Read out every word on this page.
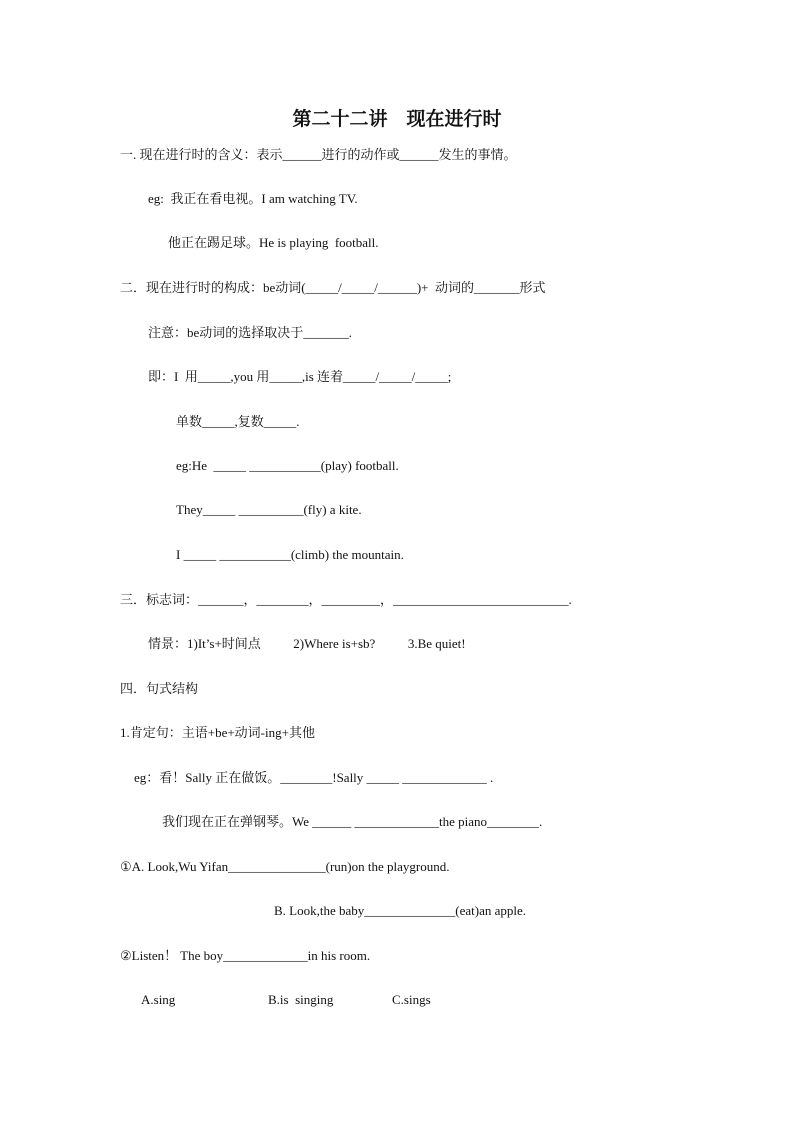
第二十二讲　现在进行时
一. 现在进行时的含义：表示______进行的动作或______发生的事情。
eg:  我正在看电视。I am watching TV.
他正在踢足球。He is playing  football.
二．现在进行时的构成：be动词(_____/_____/______)+  动词的_______形式
注意：be动词的选择取决于_______.
即：I  用_____,you 用_____,is 连着_____/_____/_____;
单数_____,复数_____.
eg:He  _____ ___________(play) football.
They_____ __________(fly) a kite.
I _____ ___________(climb) the mountain.
三．标志词：_______，________，_________，___________________________.
情景：1)It’s+时间点          2)Where is+sb?          3.Be quiet!
四．句式结构
1.肯定句：主语+be+动词-ing+其他
eg：看！Sally 正在做饭。________!Sally _____ _____________ .
我们现在正在弹钢琴。We ______ _____________the piano________.
①A. Look,Wu Yifan_______________(run)on the playground.
B. Look,the baby______________(eat)an apple.
②Listen！ The boy_____________in his room.
A.sing	B.is  singing	C.sings
